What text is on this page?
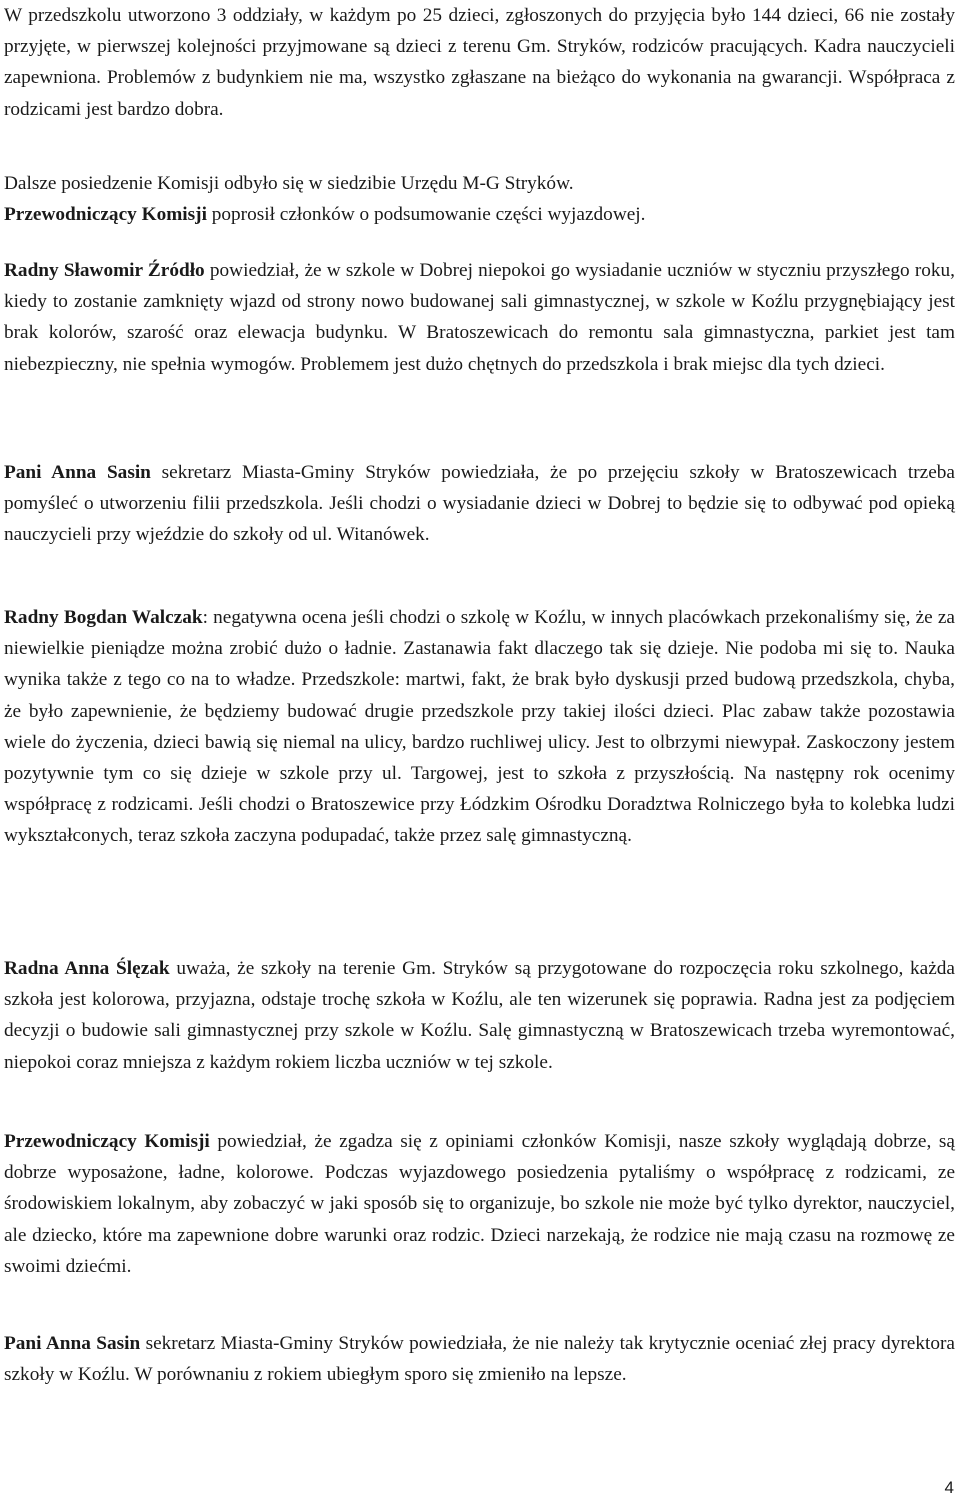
W przedszkolu utworzono 3 oddziały, w każdym po 25 dzieci, zgłoszonych do przyjęcia było 144 dzieci, 66 nie zostały przyjęte, w pierwszej kolejności przyjmowane są dzieci z terenu Gm. Stryków, rodziców pracujących. Kadra nauczycieli zapewniona. Problemów z budynkiem nie ma, wszystko zgłaszane na bieżąco do wykonania na gwarancji. Współpraca z rodzicami jest bardzo dobra.

Dalsze posiedzenie Komisji odbyło się w siedzibie Urzędu M-G Stryków.
Przewodniczący Komisji poprosił członków o podsumowanie części wyjazdowej.

Radny Sławomir Źródło powiedział, że w szkole w Dobrej niepokoi go wysiadanie uczniów w styczniu przyszłego roku, kiedy to zostanie zamknięty wjazd od strony nowo budowanej sali gimnastycznej, w szkole w Koźlu przygnębiający jest brak kolorów, szarość oraz elewacja budynku. W Bratoszewicach do remontu sala gimnastyczna, parkiet jest tam niebezpieczny, nie spełnia wymogów. Problemem jest dużo chętnych do przedszkola i brak miejsc dla tych dzieci.

Pani Anna Sasin sekretarz Miasta-Gminy Stryków powiedziała, że po przejęciu szkoły w Bratoszewicach trzeba pomyśleć o utworzeniu filii przedszkola. Jeśli chodzi o wysiadanie dzieci w Dobrej to będzie się to odbywać pod opieką nauczycieli przy wjeździe do szkoły od ul. Witanówek.

Radny Bogdan Walczak: negatywna ocena jeśli chodzi o szkolę w Koźlu, w innych placówkach przekonaliśmy się, że za niewielkie pieniądze można zrobić dużo o ładnie. Zastanawia fakt dlaczego tak się dzieje. Nie podoba mi się to. Nauka wynika także z tego co na to władze. Przedszkole: martwi, fakt, że brak było dyskusji przed budową przedszkola, chyba, że było zapewnienie, że będziemy budować drugie przedszkole przy takiej ilości dzieci. Plac zabaw także pozostawia wiele do życzenia, dzieci bawią się niemal na ulicy, bardzo ruchliwej ulicy. Jest to olbrzymi niewypał. Zaskoczony jestem pozytywnie tym co się dzieje w szkole przy ul. Targowej, jest to szkoła z przyszłością. Na następny rok ocenimy współpracę z rodzicami. Jeśli chodzi o Bratoszewice przy Łódzkim Ośrodku Doradztwa Rolniczego była to kolebka ludzi wykształconych, teraz szkoła zaczyna podupadać, także przez salę gimnastyczną.

Radna Anna Ślęzak uważa, że szkoły na terenie Gm. Stryków są przygotowane do rozpoczęcia roku szkolnego, każda szkoła jest kolorowa, przyjazna, odstaje trochę szkoła w Koźlu, ale ten wizerunek się poprawia. Radna jest za podjęciem decyzji o budowie sali gimnastycznej przy szkole w Koźlu. Salę gimnastyczną w Bratoszewicach trzeba wyremontować, niepokoi coraz mniejsza z każdym rokiem liczba uczniów w tej szkole.

Przewodniczący Komisji powiedział, że zgadza się z opiniami członków Komisji, nasze szkoły wyglądają dobrze, są dobrze wyposażone, ładne, kolorowe. Podczas wyjazdowego posiedzenia pytaliśmy o współpracę z rodzicami, ze środowiskiem lokalnym, aby zobaczyć w jaki sposób się to organizuje, bo szkole nie może być tylko dyrektor, nauczyciel, ale dziecko, które ma zapewnione dobre warunki oraz rodzic. Dzieci narzekają, że rodzice nie mają czasu na rozmowę ze swoimi dziećmi.

Pani Anna Sasin sekretarz Miasta-Gminy Stryków powiedziała, że nie należy tak krytycznie oceniać złej pracy dyrektora szkoły w Koźlu. W porównaniu z rokiem ubiegłym sporo się zmieniło na lepsze.

4
